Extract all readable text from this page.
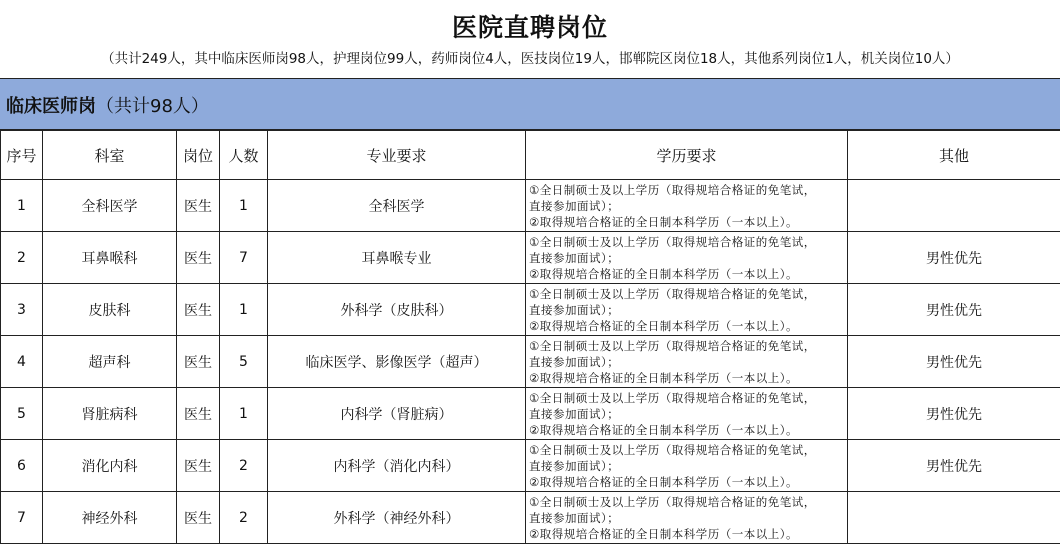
医院直聘岗位
（共计249人，其中临床医师岗98人，护理岗位99人，药师岗位4人，医技岗位19人，邯郸院区岗位18人，其他系列岗位1人，机关岗位10人）
临床医师岗（共计98人）
序号	科室	岗位	人数	专业要求	学历要求	其他
1	全科医学	医生	1	全科医学	①全日制硕士及以上学历（取得规培合格证的免笔试，
直接参加面试）；
②取得规培合格证的全日制本科学历（一本以上）。	

2	耳鼻喉科	医生	7	耳鼻喉专业	①全日制硕士及以上学历（取得规培合格证的免笔试，
直接参加面试）；
②取得规培合格证的全日制本科学历（一本以上）。	男性优先
3	皮肤科	医生	1	外科学（皮肤科）	①全日制硕士及以上学历（取得规培合格证的免笔试，
直接参加面试）；
②取得规培合格证的全日制本科学历（一本以上）。	男性优先
4	超声科	医生	5	临床医学、影像医学（超声）	①全日制硕士及以上学历（取得规培合格证的免笔试，
直接参加面试）；
②取得规培合格证的全日制本科学历（一本以上）。	男性优先
5	肾脏病科	医生	1	内科学（肾脏病）	①全日制硕士及以上学历（取得规培合格证的免笔试，
直接参加面试）；
②取得规培合格证的全日制本科学历（一本以上）。	男性优先
6	消化内科	医生	2	内科学（消化内科）	①全日制硕士及以上学历（取得规培合格证的免笔试，
直接参加面试）；
②取得规培合格证的全日制本科学历（一本以上）。	男性优先
7	神经外科	医生	2	外科学（神经外科）	①全日制硕士及以上学历（取得规培合格证的免笔试，
直接参加面试）；
②取得规培合格证的全日制本科学历（一本以上）。	
